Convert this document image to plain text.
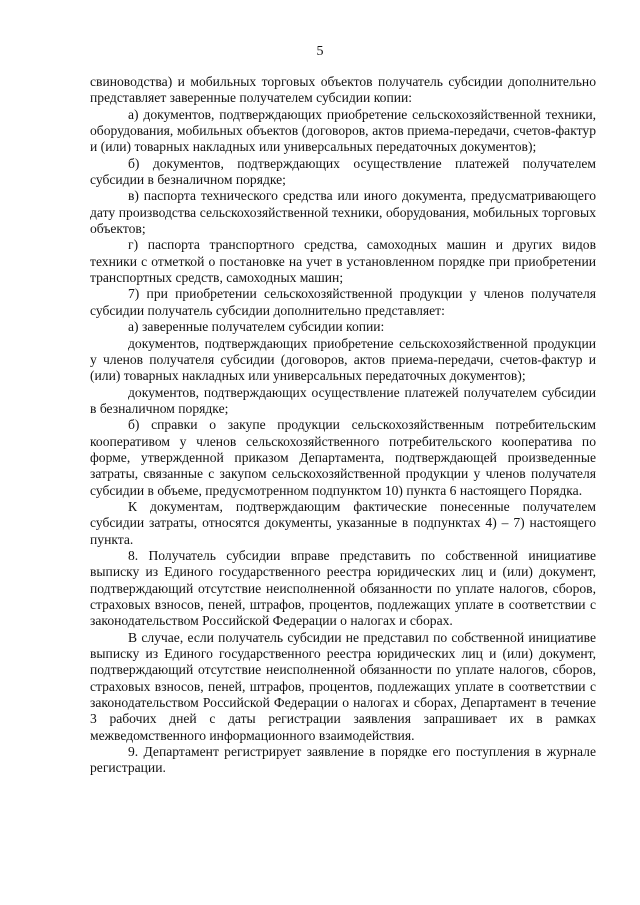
5

свиноводства) и мобильных торговых объектов получатель субсидии дополнительно представляет заверенные получателем субсидии копии:

а) документов, подтверждающих приобретение сельскохозяйственной техники, оборудования, мобильных объектов (договоров, актов приема-передачи, счетов-фактур и (или) товарных накладных или универсальных передаточных документов);

б) документов, подтверждающих осуществление платежей получателем субсидии в безналичном порядке;

в) паспорта технического средства или иного документа, предусматривающего дату производства сельскохозяйственной техники, оборудования, мобильных торговых объектов;

г) паспорта транспортного средства, самоходных машин и других видов техники с отметкой о постановке на учет в установленном порядке при приобретении транспортных средств, самоходных машин;

7) при приобретении сельскохозяйственной продукции у членов получателя субсидии получатель субсидии дополнительно представляет:

а) заверенные получателем субсидии копии:

документов, подтверждающих приобретение сельскохозяйственной продукции у членов получателя субсидии (договоров, актов приема-передачи, счетов-фактур и (или) товарных накладных или универсальных передаточных документов);

документов, подтверждающих осуществление платежей получателем субсидии в безналичном порядке;

б) справки о закупе продукции сельскохозяйственным потребительским кооперативом у членов сельскохозяйственного потребительского кооператива по форме, утвержденной приказом Департамента, подтверждающей произведенные затраты, связанные с закупом сельскохозяйственной продукции у членов получателя субсидии в объеме, предусмотренном подпунктом 10) пункта 6 настоящего Порядка.

К документам, подтверждающим фактические понесенные получателем субсидии затраты, относятся документы, указанные в подпунктах 4) – 7) настоящего пункта.

8. Получатель субсидии вправе представить по собственной инициативе выписку из Единого государственного реестра юридических лиц и (или) документ, подтверждающий отсутствие неисполненной обязанности по уплате налогов, сборов, страховых взносов, пеней, штрафов, процентов, подлежащих уплате в соответствии с законодательством Российской Федерации о налогах и сборах.

В случае, если получатель субсидии не представил по собственной инициативе выписку из Единого государственного реестра юридических лиц и (или) документ, подтверждающий отсутствие неисполненной обязанности по уплате налогов, сборов, страховых взносов, пеней, штрафов, процентов, подлежащих уплате в соответствии с законодательством Российской Федерации о налогах и сборах, Департамент в течение 3 рабочих дней с даты регистрации заявления запрашивает их в рамках межведомственного информационного взаимодействия.

9. Департамент регистрирует заявление в порядке его поступления в журнале регистрации.
